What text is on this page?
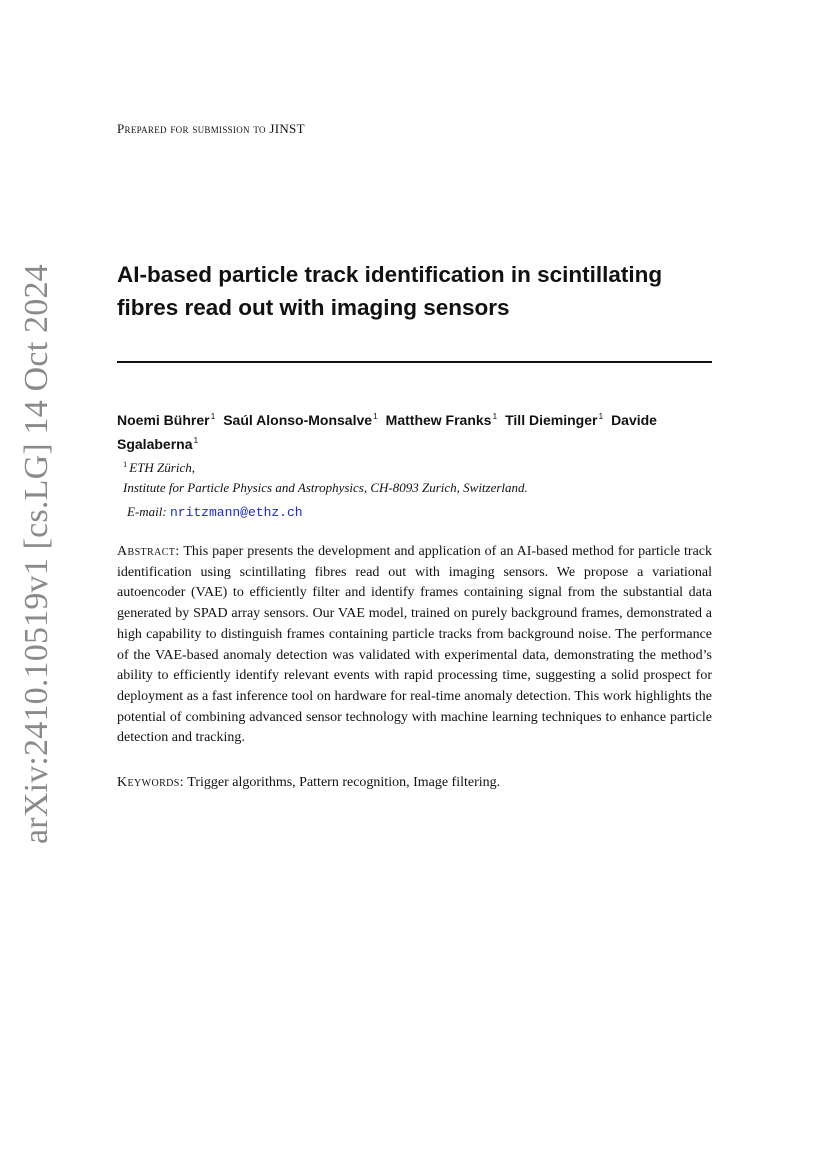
arXiv:2410.10519v1 [cs.LG] 14 Oct 2024
Prepared for submission to JINST
AI-based particle track identification in scintillating fibres read out with imaging sensors
Noemi Bührer$^1$ Saúl Alonso-Monsalve$^1$ Matthew Franks$^1$ Till Dieminger$^1$ Davide Sgalaberna$^1$
$^1$ ETH Zürich,
Institute for Particle Physics and Astrophysics, CH-8093 Zurich, Switzerland.
E-mail: nritzmann@ethz.ch

Abstract: This paper presents the development and application of an AI-based method for particle track identification using scintillating fibres read out with imaging sensors. We propose a variational autoencoder (VAE) to efficiently filter and identify frames containing signal from the substantial data generated by SPAD array sensors. Our VAE model, trained on purely background frames, demonstrated a high capability to distinguish frames containing particle tracks from background noise. The performance of the VAE-based anomaly detection was validated with experimental data, demonstrating the method’s ability to efficiently identify relevant events with rapid processing time, suggesting a solid prospect for deployment as a fast inference tool on hardware for real-time anomaly detection. This work highlights the potential of combining advanced sensor technology with machine learning techniques to enhance particle detection and tracking.

Keywords: Trigger algorithms, Pattern recognition, Image filtering.
